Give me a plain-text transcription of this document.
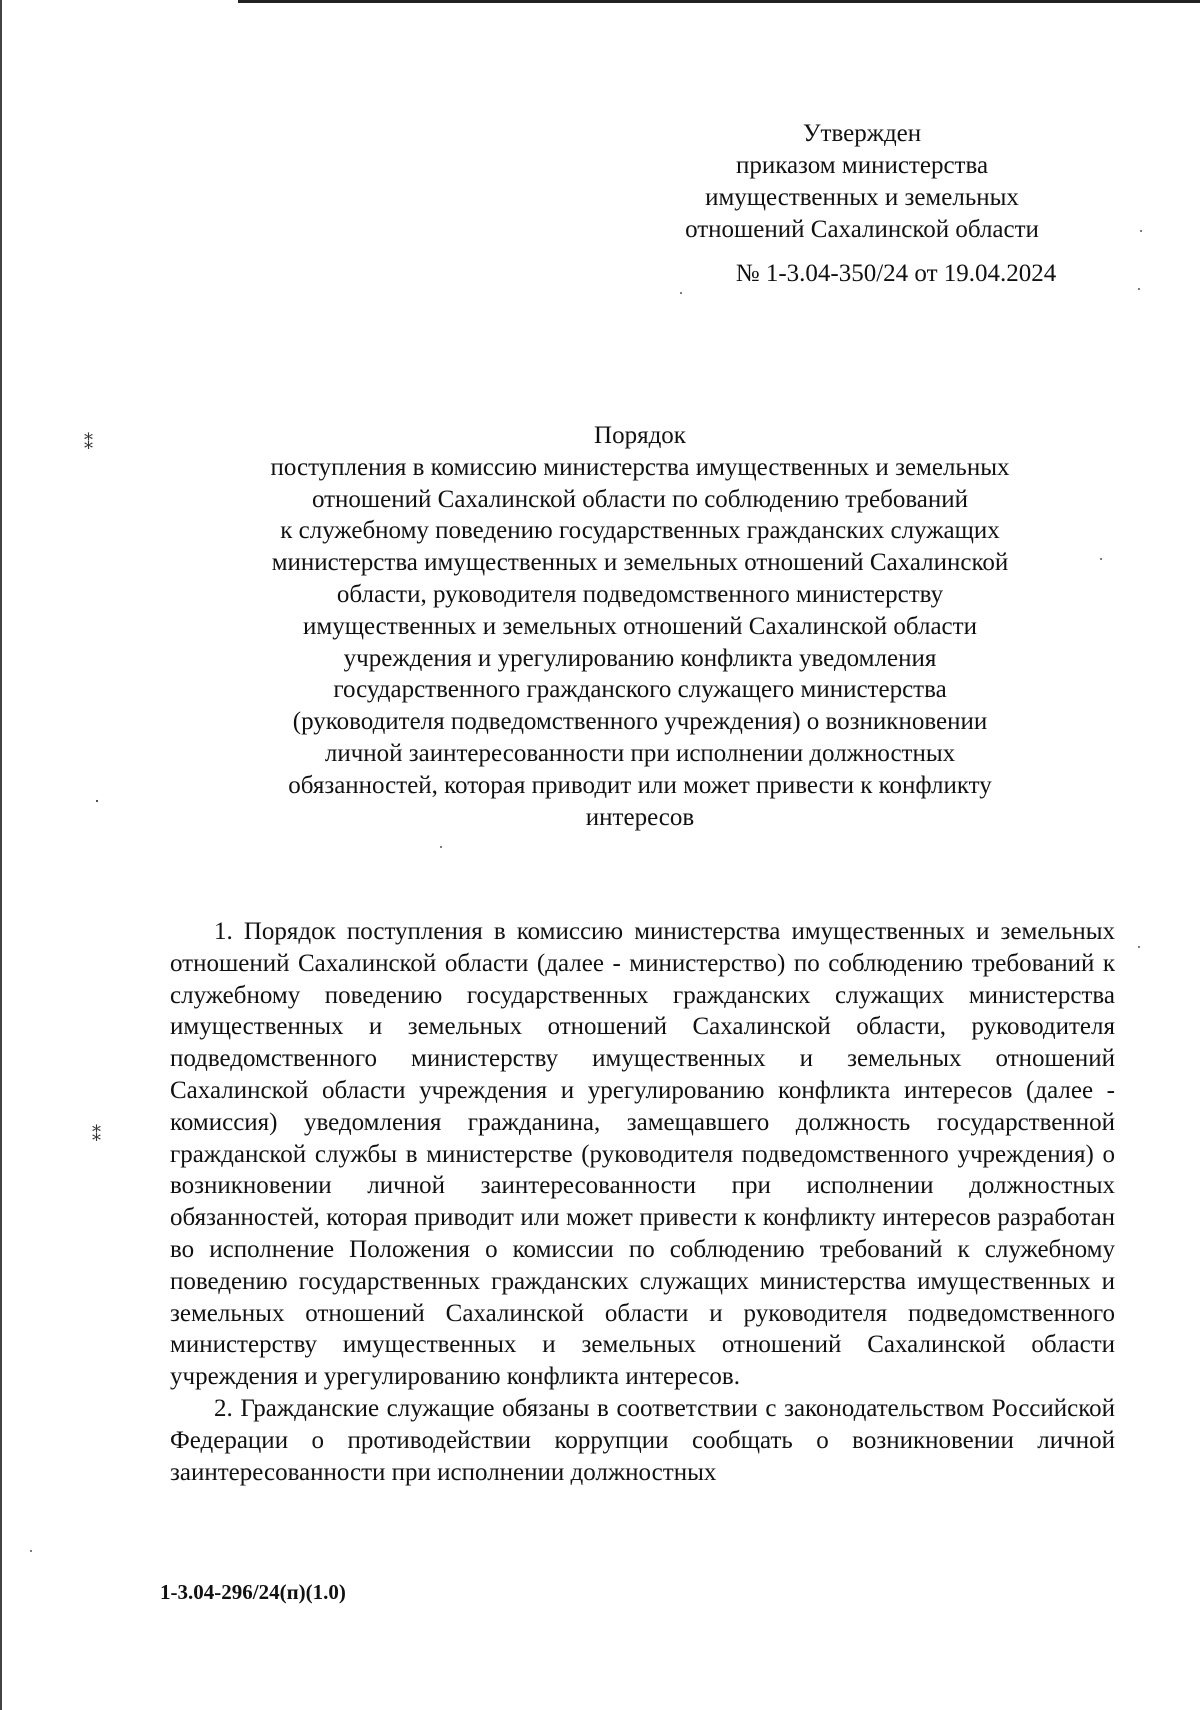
Утвержден
приказом министерства
имущественных и земельных
отношений Сахалинской области
№ 1-3.04-350/24 от 19.04.2024
Порядок
поступления в комиссию министерства имущественных и земельных
отношений Сахалинской области по соблюдению требований
к служебному поведению государственных гражданских служащих
министерства имущественных и земельных отношений Сахалинской
области, руководителя подведомственного министерству
имущественных и земельных отношений Сахалинской области
учреждения и урегулированию конфликта уведомления
государственного гражданского служащего министерства
(руководителя подведомственного учреждения) о возникновении
личной заинтересованности при исполнении должностных
обязанностей, которая приводит или может привести к конфликту
интересов

1. Порядок поступления в комиссию министерства имущественных и земельных отношений Сахалинской области (далее - министерство) по соблюдению требований к служебному поведению государственных гражданских служащих министерства имущественных и земельных отношений Сахалинской области, руководителя подведомственного министерству имущественных и земельных отношений Сахалинской области учреждения и урегулированию конфликта интересов (далее - комиссия) уведомления гражданина, замещавшего должность государственной гражданской службы в министерстве (руководителя подведомственного учреждения) о возникновении личной заинтересованности при исполнении должностных обязанностей, которая приводит или может привести к конфликту интересов разработан во исполнение Положения о комиссии по соблюдению требований к служебному поведению государственных гражданских служащих министерства имущественных и земельных отношений Сахалинской области и руководителя подведомственного министерству имущественных и земельных отношений Сахалинской области учреждения и урегулированию конфликта интересов.

2. Гражданские служащие обязаны в соответствии с законодательством Российской Федерации о противодействии коррупции сообщать о возникновении личной заинтересованности при исполнении должностных

1-3.04-296/24(п)(1.0)
⁑
·
⁑
